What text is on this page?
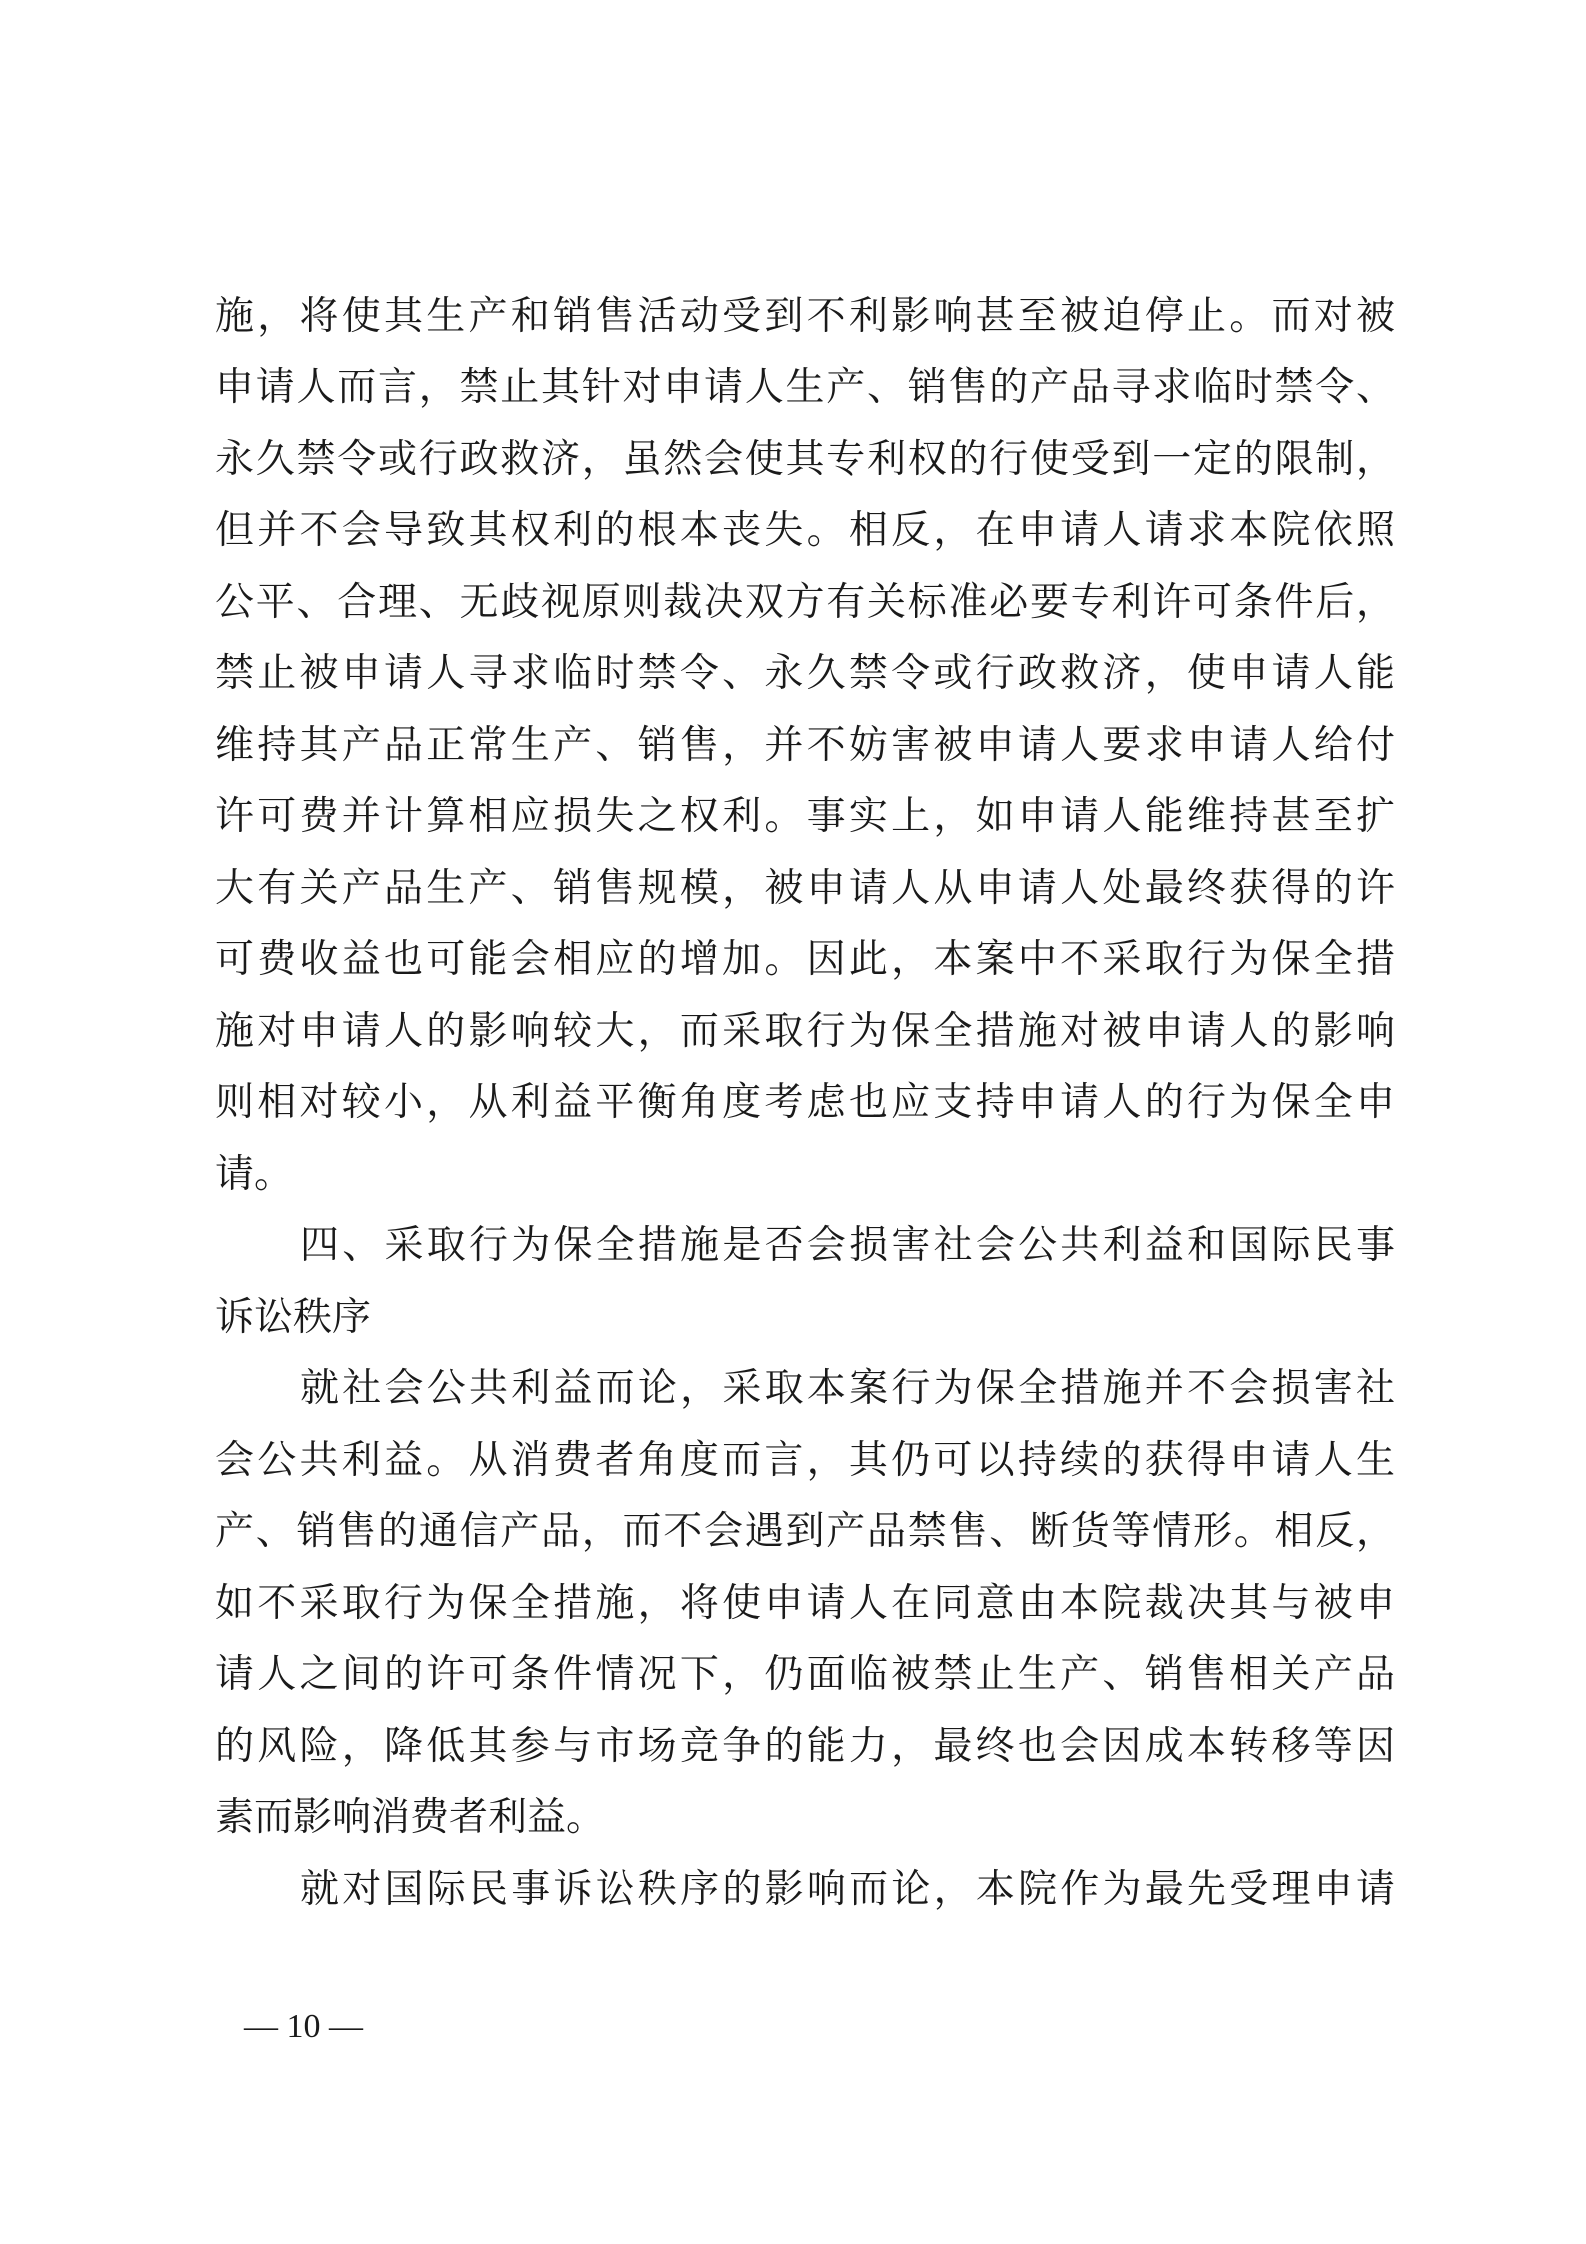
施，将使其生产和销售活动受到不利影响甚至被迫停止。而对被
申请人而言，禁止其针对申请人生产、销售的产品寻求临时禁令、
永久禁令或行政救济，虽然会使其专利权的行使受到一定的限制，
但并不会导致其权利的根本丧失。相反，在申请人请求本院依照
公平、合理、无歧视原则裁决双方有关标准必要专利许可条件后，
禁止被申请人寻求临时禁令、永久禁令或行政救济，使申请人能
维持其产品正常生产、销售，并不妨害被申请人要求申请人给付
许可费并计算相应损失之权利。事实上，如申请人能维持甚至扩
大有关产品生产、销售规模，被申请人从申请人处最终获得的许
可费收益也可能会相应的增加。因此，本案中不采取行为保全措
施对申请人的影响较大，而采取行为保全措施对被申请人的影响
则相对较小，从利益平衡角度考虑也应支持申请人的行为保全申
请。
四、采取行为保全措施是否会损害社会公共利益和国际民事
诉讼秩序
就社会公共利益而论，采取本案行为保全措施并不会损害社
会公共利益。从消费者角度而言，其仍可以持续的获得申请人生
产、销售的通信产品，而不会遇到产品禁售、断货等情形。相反，
如不采取行为保全措施，将使申请人在同意由本院裁决其与被申
请人之间的许可条件情况下，仍面临被禁止生产、销售相关产品
的风险，降低其参与市场竞争的能力，最终也会因成本转移等因
素而影响消费者利益。
就对国际民事诉讼秩序的影响而论，本院作为最先受理申请
— 10 —
